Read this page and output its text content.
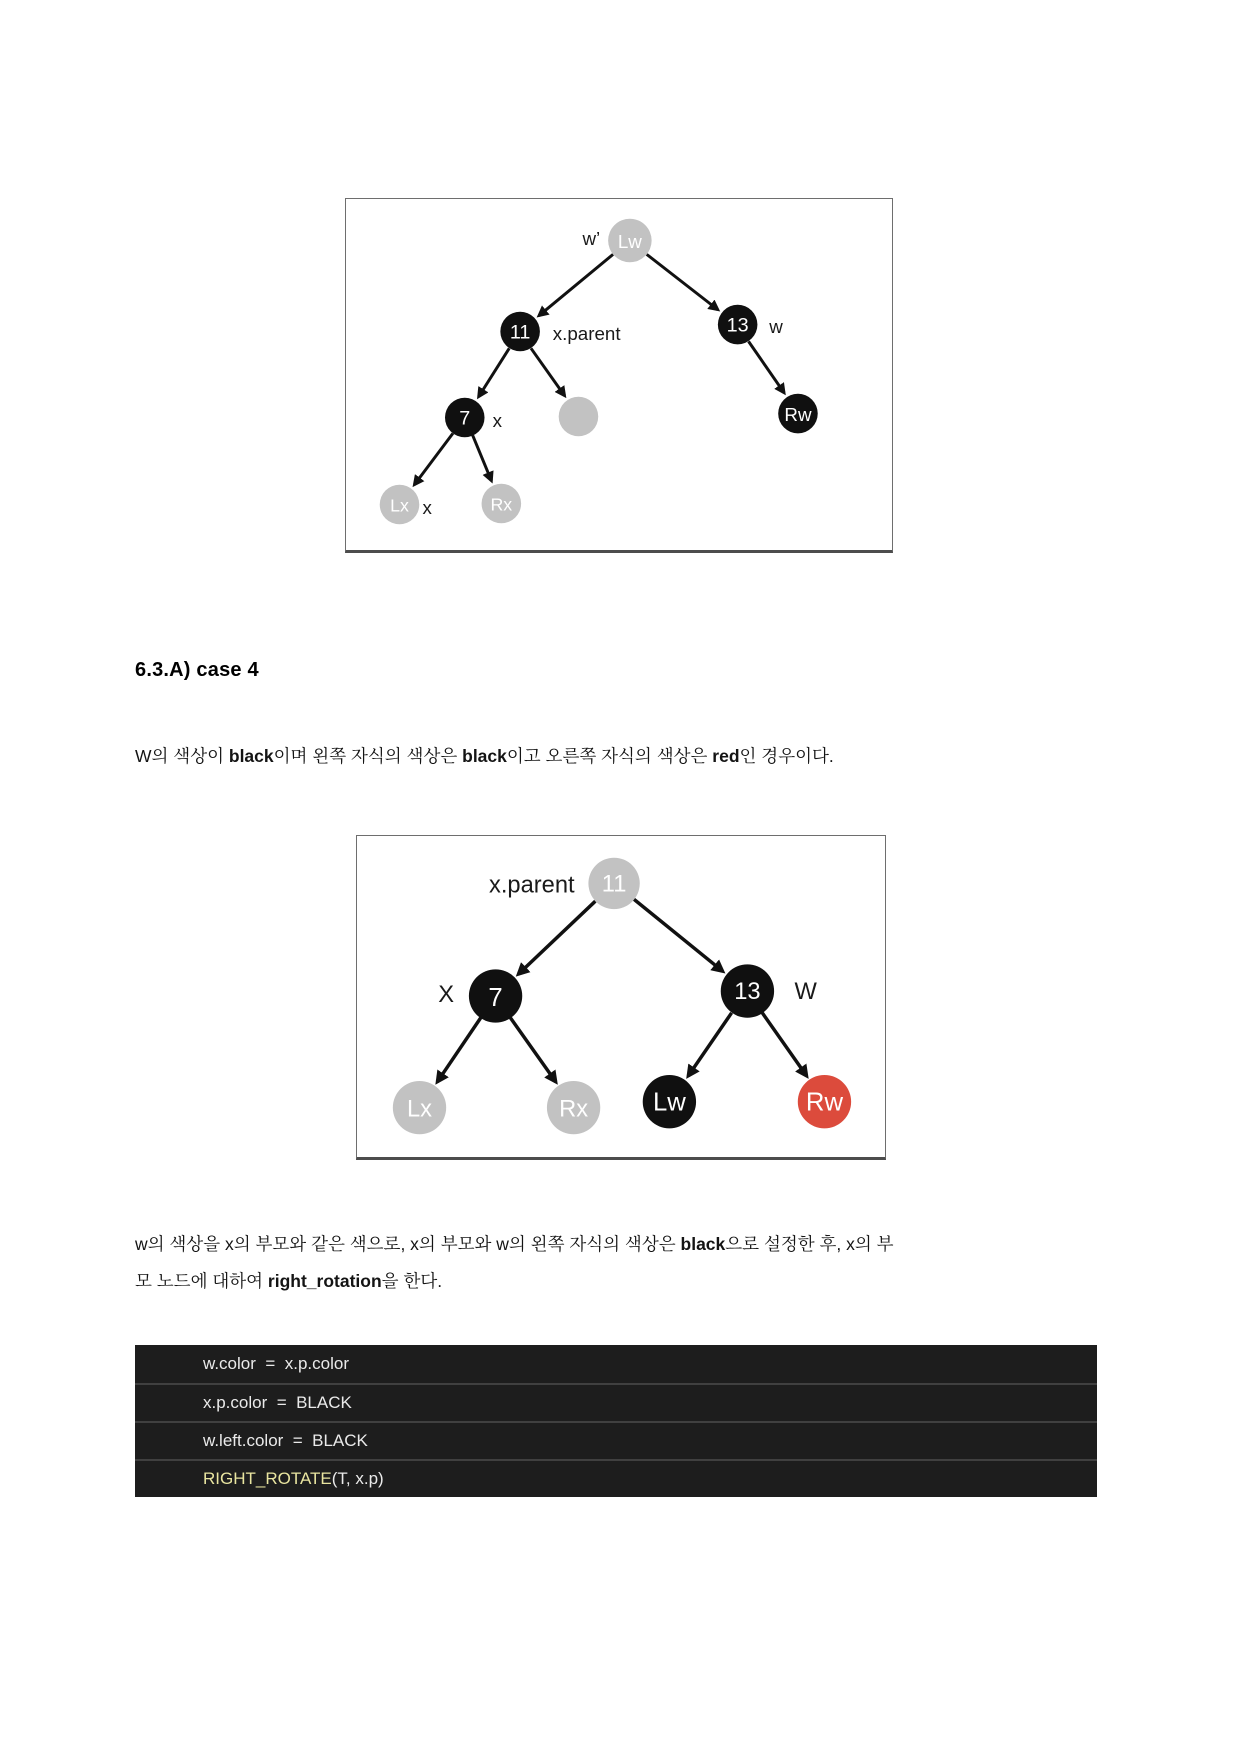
Lw
11	13
7	Rw
Lx	Rx
w’
x.parent	w
x
x
6.3.A) case 4
W의 색상이 black이며 왼쪽 자식의 색상은 black이고 오른쪽 자식의 색상은 red인 경우이다.
11
7	13
Lx	Rx Lw	Rw
x.parent
X	W
w의 색상을 x의 부모와 같은 색으로, x의 부모와 w의 왼쪽 자식의 색상은 black으로 설정한 후, x의 부
모 노드에 대하여 right_rotation을 한다.
w.color  =  x.p.color
x.p.color  =  BLACK
w.left.color  =  BLACK
RIGHT_ROTATE(T, x.p)
